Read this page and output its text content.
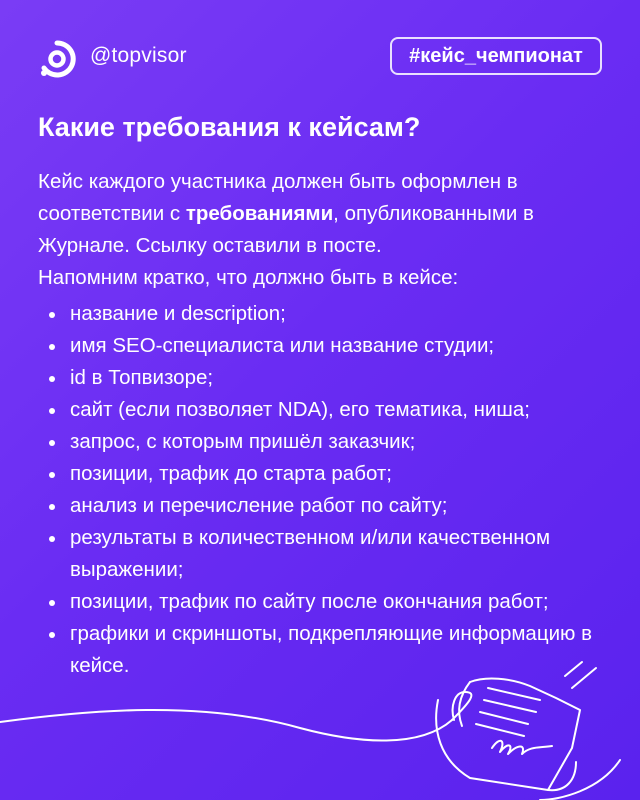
@topvisor	#кейс_чемпионат
Какие требования к кейсам?
Кейс каждого участника должен быть оформлен в соответствии с требованиями, опубликованными в Журнале. Ссылку оставили в посте.
Напомним кратко, что должно быть в кейсе:
название и description;
имя SEO-специалиста или название студии;
id в Топвизоре;
сайт (если позволяет NDA), его тематика, ниша;
запрос, с которым пришёл заказчик;
позиции, трафик до старта работ;
анализ и перечисление работ по сайту;
результаты в количественном и/или качественном выражении;
позиции, трафик по сайту после окончания работ;
графики и скриншоты, подкрепляющие информацию в кейсе.
